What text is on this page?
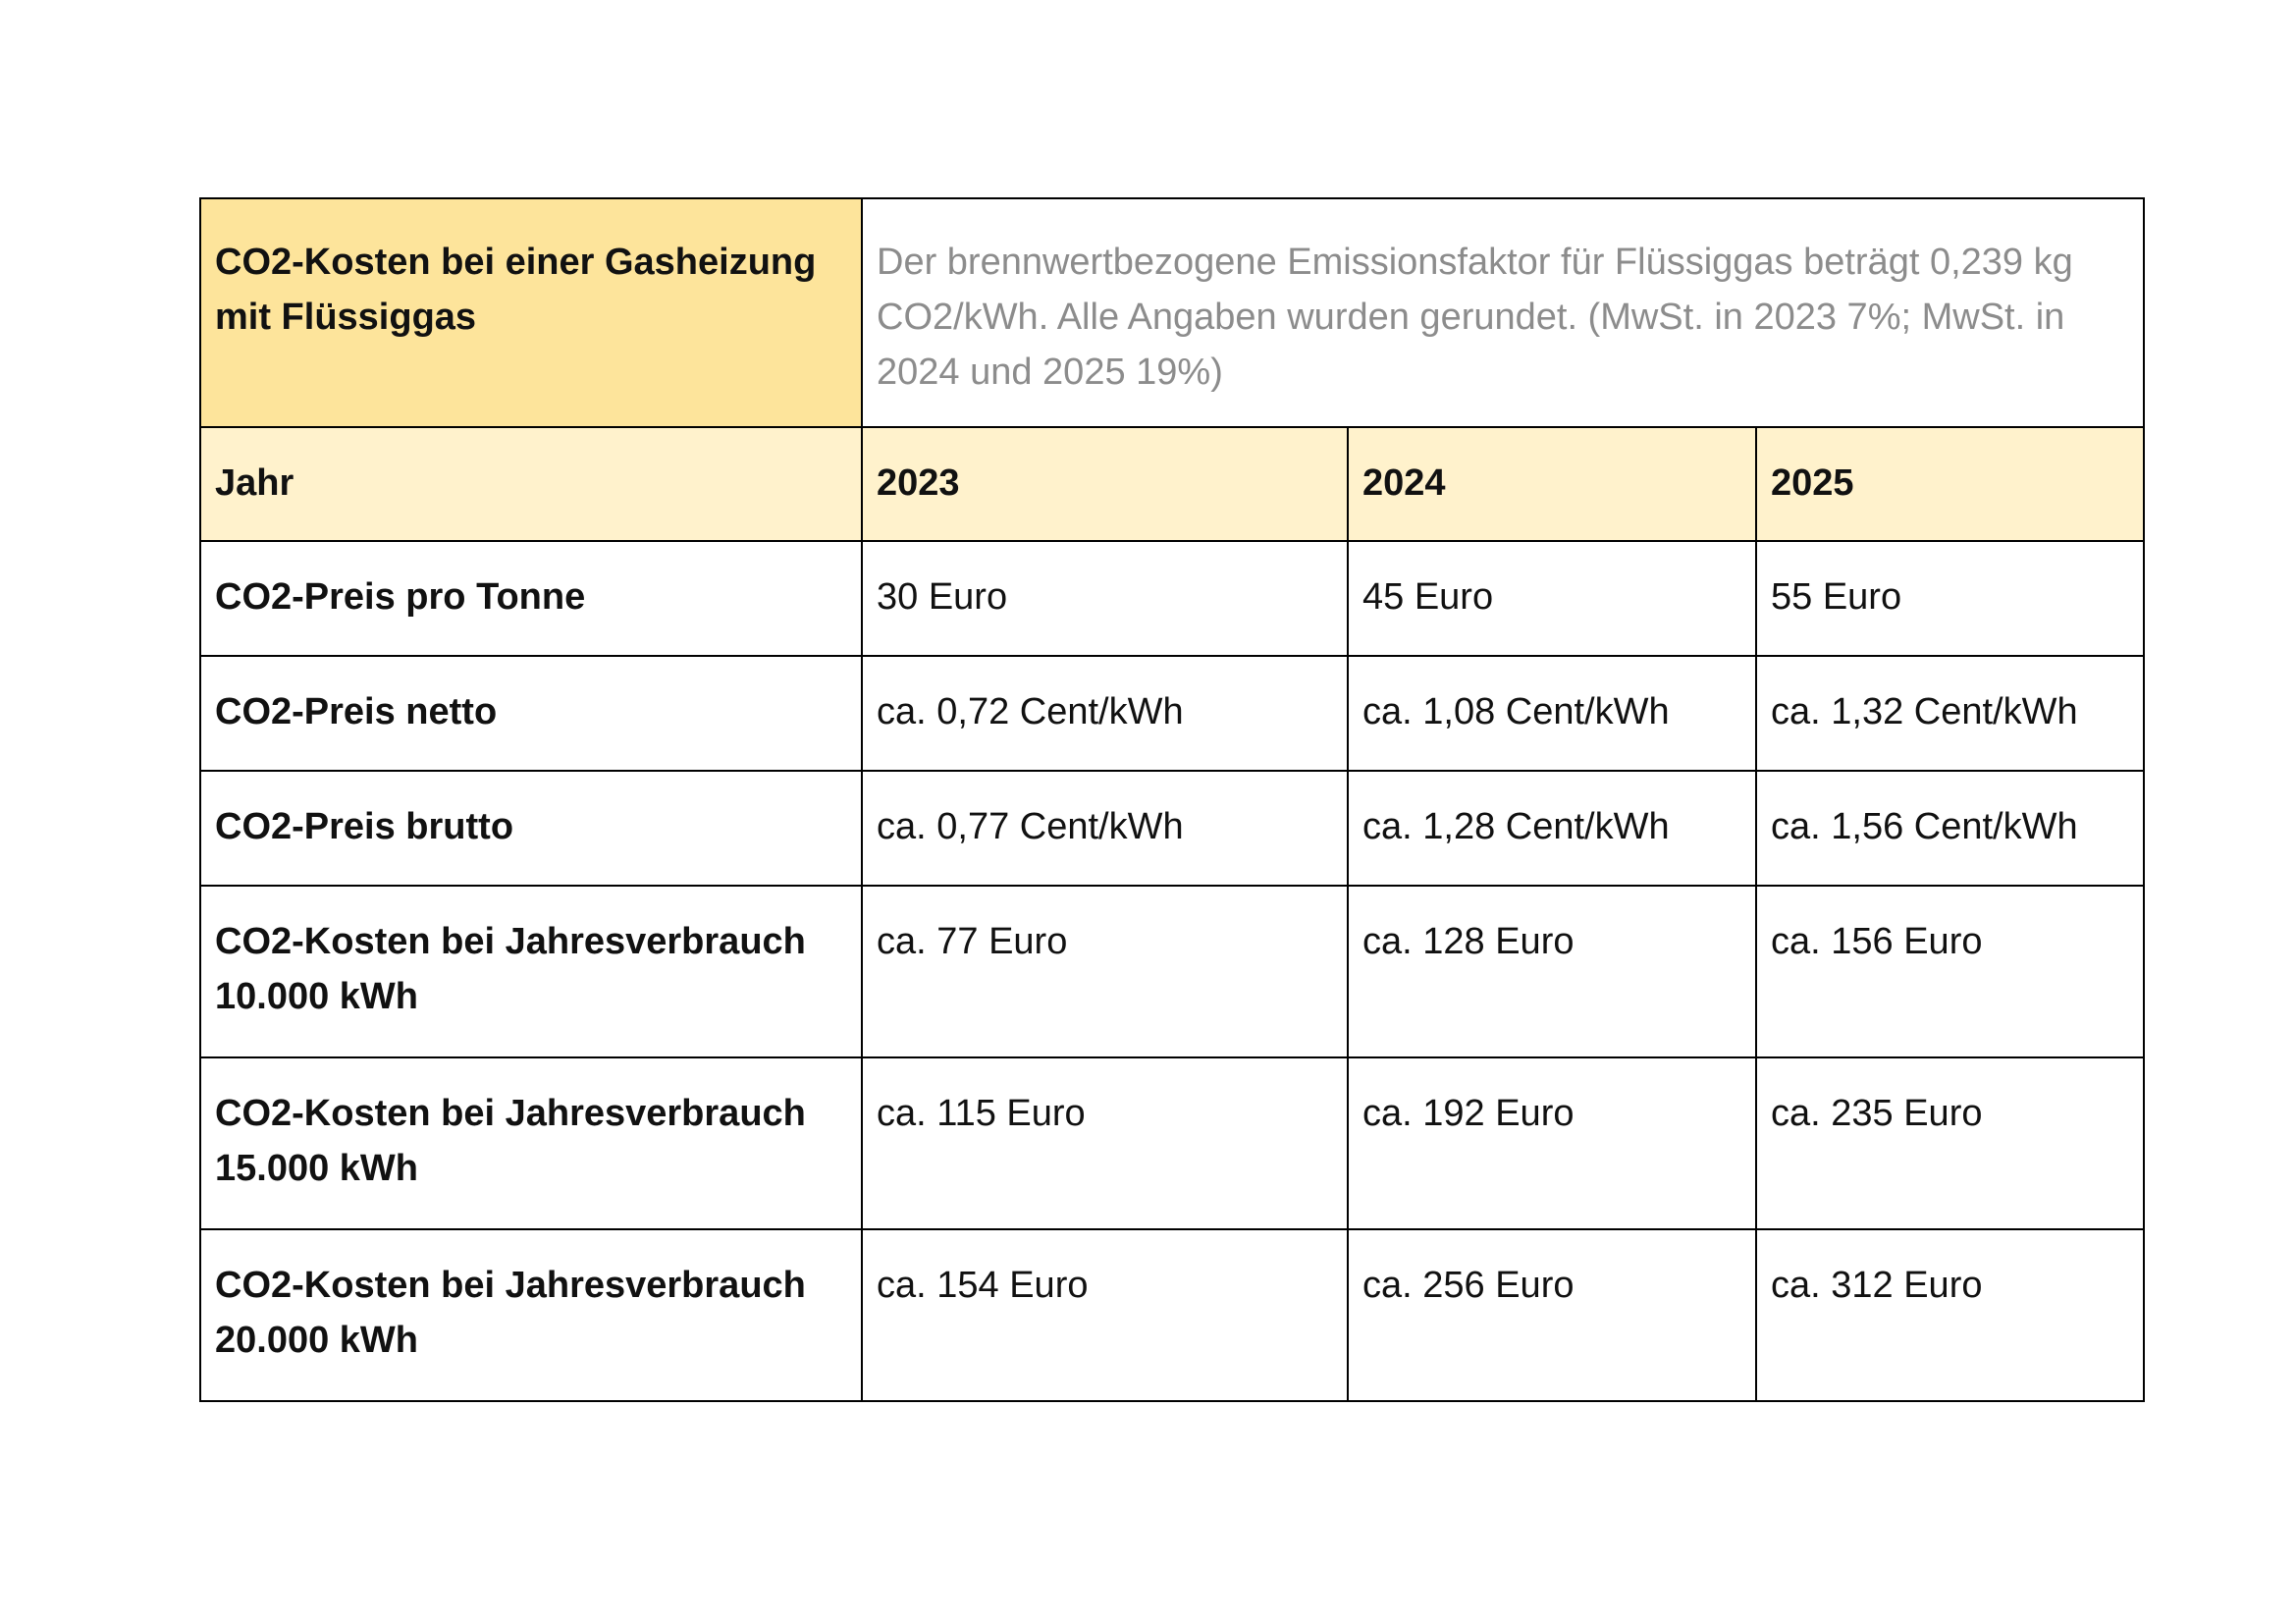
CO2-Kosten bei einer Gasheizung mit Flüssiggas	Der brennwertbezogene Emissionsfaktor für Flüssiggas beträgt 0,239 kg CO2/kWh. Alle Angaben wurden gerundet. (MwSt. in 2023 7%; MwSt. in 2024 und 2025 19%)		
Jahr	2023	2024	2025
CO2-Preis pro Tonne	30 Euro	45 Euro	55 Euro
CO2-Preis netto	ca. 0,72 Cent/kWh	ca. 1,08 Cent/kWh	ca. 1,32 Cent/kWh
CO2-Preis brutto	ca. 0,77 Cent/kWh	ca. 1,28 Cent/kWh	ca. 1,56 Cent/kWh
CO2-Kosten bei Jahresverbrauch 10.000 kWh	ca. 77 Euro	ca. 128 Euro	ca. 156 Euro
CO2-Kosten bei Jahresverbrauch 15.000 kWh	ca. 115 Euro	ca. 192 Euro	ca. 235 Euro
CO2-Kosten bei Jahresverbrauch 20.000 kWh	ca. 154 Euro	ca. 256 Euro	ca. 312 Euro
